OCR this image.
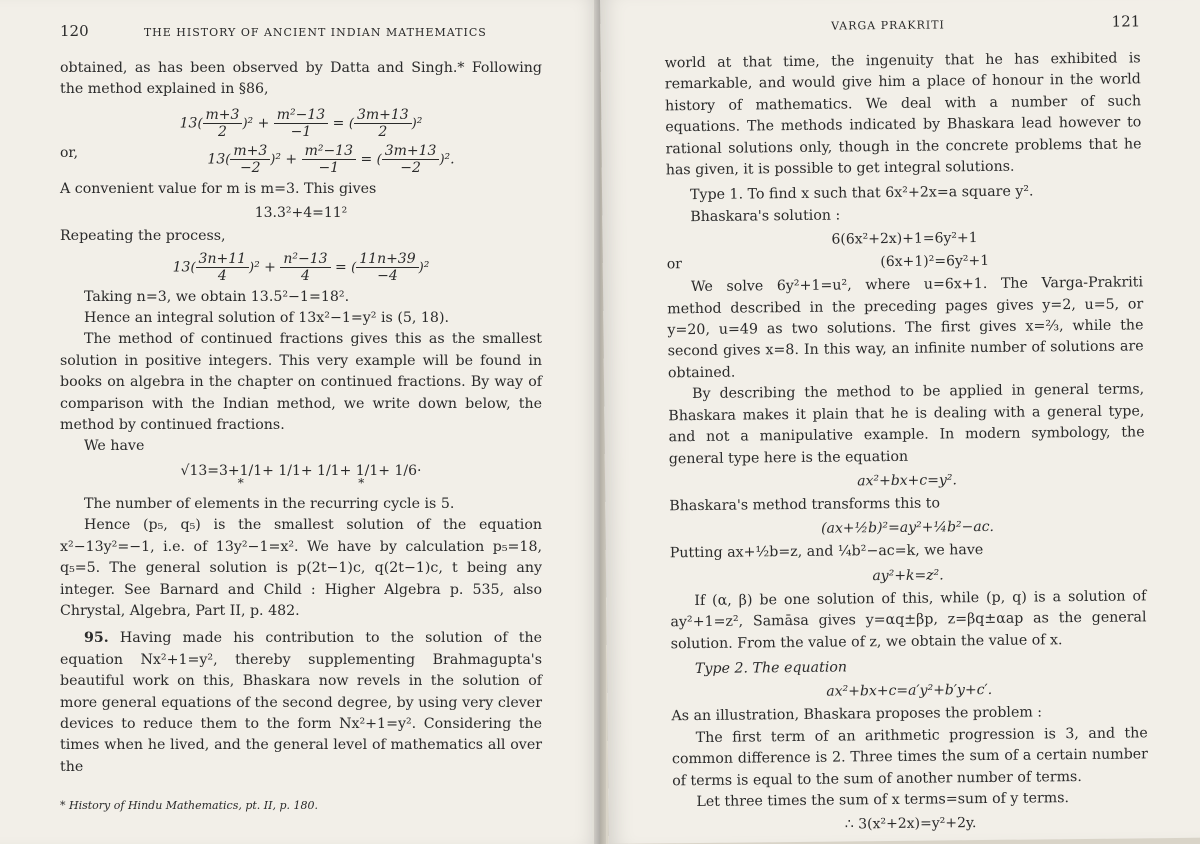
120	THE HISTORY OF ANCIENT INDIAN MATHEMATICS

obtained, as has been observed by Datta and Singh.* Following the method explained in §86,

$13( \frac{m+3}{2} )^2 + \frac{\text{m²−13}}{-1}$ = ( $\frac{3m+13}{2} )^2$
or,	$13( \frac{m+3}{-2} )^2 + \frac{\text{m²−13}}{-1}$ = ( $\frac{3m+13}{-2} )^2$.

A convenient value for m is m=3. This gives

13.3²+4=11²

Repeating the process,

$13( \frac{3n+11}{4} )^2 + \frac{\text{n²−13}}{4}$ = ( $\frac{11n+39}{-4} )^2$

Taking n=3, we obtain 13.5²−1=18².

Hence an integral solution of 13x²−1=y² is (5, 18).

The method of continued fractions gives this as the smallest solution in positive integers. This very example will be found in books on algebra in the chapter on continued fractions. By way of comparison with the Indian method, we write down below, the method by continued fractions.

We have

√13=3+1/1+ 1/1+ 1/1+ 1/1+ 1/6·
*                              *

The number of elements in the recurring cycle is 5.

Hence (p₅, q₅) is the smallest solution of the equation x²−13y²=−1, i.e. of 13y²−1=x². We have by calculation p₅=18, q₅=5. The general solution is p(2t−1)c, q(2t−1)c, t being any integer. See Barnard and Child : Higher Algebra p. 535, also Chrystal, Algebra, Part II, p. 482.

95. Having made his contribution to the solution of the equation Nx²+1=y², thereby supplementing Brahmagupta's beautiful work on this, Bhaskara now revels in the solution of more general equations of the second degree, by using very clever devices to reduce them to the form Nx²+1=y². Considering the times when he lived, and the general level of mathematics all over the

* History of Hindu Mathematics, pt. II, p. 180.
VARGA PRAKRITI	121

world at that time, the ingenuity that he has exhibited is remarkable, and would give him a place of honour in the world history of mathematics. We deal with a number of such equations. The methods indicated by Bhaskara lead however to rational solutions only, though in the concrete problems that he has given, it is possible to get integral solutions.

Type 1. To find x such that 6x²+2x=a square y².

Bhaskara's solution :

6(6x²+2x)+1=6y²+1
or	(6x+1)²=6y²+1

We solve 6y²+1=u², where u=6x+1. The Varga-Prakriti method described in the preceding pages gives y=2, u=5, or y=20, u=49 as two solutions. The first gives x=⅔, while the second gives x=8. In this way, an infinite number of solutions are obtained.

By describing the method to be applied in general terms, Bhaskara makes it plain that he is dealing with a general type, and not a manipulative example. In modern symbology, the general type here is the equation

ax²+bx+c=y².

Bhaskara's method transforms this to

(ax+½b)²=ay²+¼b²−ac.

Putting ax+½b=z, and ¼b²−ac=k, we have

ay²+k=z².

If (α, β) be one solution of this, while (p, q) is a solution of ay²+1=z², Samāsa gives y=αq±βp, z=βq±αap as the general solution. From the value of z, we obtain the value of x.

Type 2. The equation

ax²+bx+c=a′y²+b′y+c′.

As an illustration, Bhaskara proposes the problem :

The first term of an arithmetic progression is 3, and the common difference is 2. Three times the sum of a certain number of terms is equal to the sum of another number of terms.

Let three times the sum of x terms=sum of y terms.

∴ 3(x²+2x)=y²+2y.
